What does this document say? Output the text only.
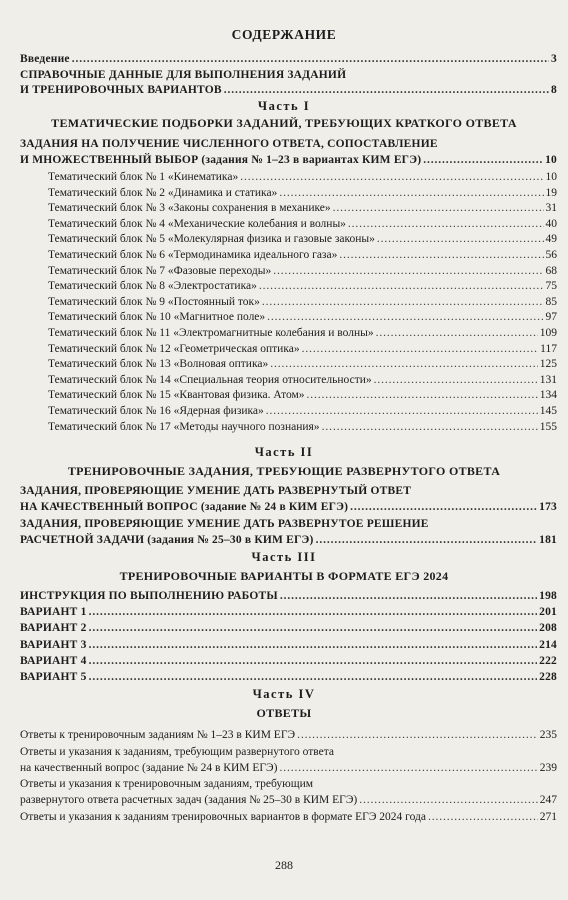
СОДЕРЖАНИЕ
Введение . . .	3
СПРАВОЧНЫЕ ДАННЫЕ ДЛЯ ВЫПОЛНЕНИЯ ЗАДАНИЙ
И ТРЕНИРОВОЧНЫХ ВАРИАНТОВ . . .	8
Часть I
ТЕМАТИЧЕСКИЕ ПОДБОРКИ ЗАДАНИЙ, ТРЕБУЮЩИХ КРАТКОГО ОТВЕТА
ЗАДАНИЯ НА ПОЛУЧЕНИЕ ЧИСЛЕННОГО ОТВЕТА, СОПОСТАВЛЕНИЕ
И МНОЖЕСТВЕННЫЙ ВЫБОР (задания № 1–23 в вариантах КИМ ЕГЭ) . . .	10
Тематический блок № 1 «Кинематика» . . .	10
Тематический блок № 2 «Динамика и статика» . . .	19
Тематический блок № 3 «Законы сохранения в механике» . . .	31
Тематический блок № 4 «Механические колебания и волны» . . .	40
Тематический блок № 5 «Молекулярная физика и газовые законы» . . .	49
Тематический блок № 6 «Термодинамика идеального газа» . . .	56
Тематический блок № 7 «Фазовые переходы» . . .	68
Тематический блок № 8 «Электростатика» . . .	75
Тематический блок № 9 «Постоянный ток» . . .	85
Тематический блок № 10 «Магнитное поле» . . .	97
Тематический блок № 11 «Электромагнитные колебания и волны» . . .	109
Тематический блок № 12 «Геометрическая оптика» . . .	117
Тематический блок № 13 «Волновая оптика» . . .	125
Тематический блок № 14 «Специальная теория относительности» . . .	131
Тематический блок № 15 «Квантовая физика. Атом» . . .	134
Тематический блок № 16 «Ядерная физика» . . .	145
Тематический блок № 17 «Методы научного познания» . . .	155
Часть II
ТРЕНИРОВОЧНЫЕ ЗАДАНИЯ, ТРЕБУЮЩИЕ РАЗВЕРНУТОГО ОТВЕТА
ЗАДАНИЯ, ПРОВЕРЯЮЩИЕ УМЕНИЕ ДАТЬ РАЗВЕРНУТЫЙ ОТВЕТ
НА КАЧЕСТВЕННЫЙ ВОПРОС (задание № 24 в КИМ ЕГЭ) . . .	173
ЗАДАНИЯ, ПРОВЕРЯЮЩИЕ УМЕНИЕ ДАТЬ РАЗВЕРНУТОЕ РЕШЕНИЕ
РАСЧЕТНОЙ ЗАДАЧИ (задания № 25–30 в КИМ ЕГЭ) . . .	181
Часть III
ТРЕНИРОВОЧНЫЕ ВАРИАНТЫ В ФОРМАТЕ ЕГЭ 2024
ИНСТРУКЦИЯ ПО ВЫПОЛНЕНИЮ РАБОТЫ . . .	198
ВАРИАНТ 1 . . .	201
ВАРИАНТ 2 . . .	208
ВАРИАНТ 3 . . .	214
ВАРИАНТ 4 . . .	222
ВАРИАНТ 5 . . .	228
Часть IV
ОТВЕТЫ
Ответы к тренировочным заданиям № 1–23 в КИМ ЕГЭ . . .	235
Ответы и указания к заданиям, требующим развернутого ответа
на качественный вопрос (задание № 24 в КИМ ЕГЭ) . . .	239
Ответы и указания к тренировочным заданиям, требующим
развернутого ответа расчетных задач (задания № 25–30 в КИМ ЕГЭ) . . .	247
Ответы и указания к заданиям тренировочных вариантов в формате ЕГЭ 2024 года . . .	271
288
